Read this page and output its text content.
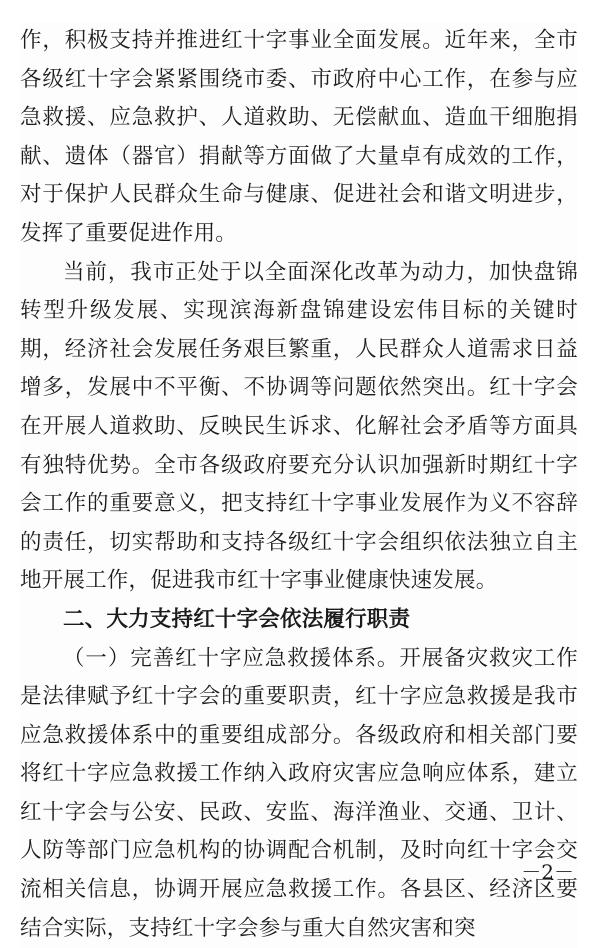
作，积极支持并推进红十字事业全面发展。近年来，全市各级红十字会紧紧围绕市委、市政府中心工作，在参与应急救援、应急救护、人道救助、无偿献血、造血干细胞捐献、遗体（器官）捐献等方面做了大量卓有成效的工作，对于保护人民群众生命与健康、促进社会和谐文明进步，发挥了重要促进作用。

当前，我市正处于以全面深化改革为动力，加快盘锦转型升级发展、实现滨海新盘锦建设宏伟目标的关键时期，经济社会发展任务艰巨繁重，人民群众人道需求日益增多，发展中不平衡、不协调等问题依然突出。红十字会在开展人道救助、反映民生诉求、化解社会矛盾等方面具有独特优势。全市各级政府要充分认识加强新时期红十字会工作的重要意义，把支持红十字事业发展作为义不容辞的责任，切实帮助和支持各级红十字会组织依法独立自主地开展工作，促进我市红十字事业健康快速发展。

二、大力支持红十字会依法履行职责

（一）完善红十字应急救援体系。开展备灾救灾工作是法律赋予红十字会的重要职责，红十字应急救援是我市应急救援体系中的重要组成部分。各级政府和相关部门要将红十字应急救援工作纳入政府灾害应急响应体系，建立红十字会与公安、民政、安监、海洋渔业、交通、卫计、人防等部门应急机构的协调配合机制，及时向红十字会交流相关信息，协调开展应急救援工作。各县区、经济区要结合实际，支持红十字会参与重大自然灾害和突

－2－
